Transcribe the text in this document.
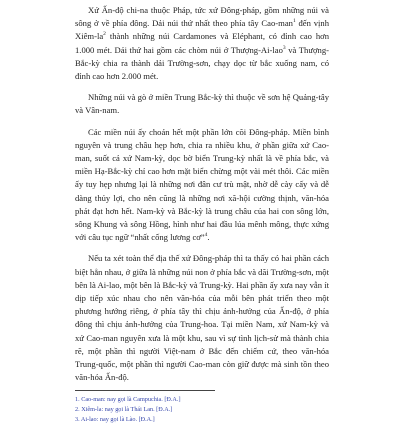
Xứ Ấn-độ chi-na thuộc Pháp, tức xứ Đông-pháp, gồm những núi và sông ở về phía đông. Dải núi thứ nhất theo phía tây Cao-man$^1$ đến vịnh Xiêm-$la^2$ thành những núi Cardamones và Eléphant, có đỉnh cao hơn 1.000 mét. Dải thứ hai gồm các chòm núi ở Thượng-Ai-lao$^3$ và Thượng-Bắc-kỳ chia ra thành dải Trường-sơn, chạy dọc từ bắc xuống nam, có đỉnh cao hơn 2.000 mét.

Những núi và gò ở miền Trung Bắc-kỳ thì thuộc về sơn hệ Quảng-tây và Vân-nam.

Các miền núi ấy choán hết một phần lớn cõi Đông-pháp. Miền bình nguyên và trung châu hẹp hơn, chia ra nhiều khu, ở phần giữa xứ Cao-man, suốt cả xứ Nam-kỳ, dọc bờ biển Trung-kỳ nhất là về phía bắc, và miền Hạ-Bắc-kỳ chỉ cao hơn mặt biển chừng một vài mét thôi. Các miền ấy tuy hẹp nhưng lại là những nơi đân cư trù mật, nhờ dễ cày cấy và dễ dàng thủy lợi, cho nên cũng là những nơi xã-hội cường thịnh, văn-hóa phát đạt hơn hết. Nam-kỳ và Bắc-kỳ là trung châu của hai con sông lớn, sông Khung và sông Hồng, hình như hai đầu lúa mênh mông, thực xứng với câu tục ngữ “nhất cống lương cơ”$^4$.

Nếu ta xét toàn thể địa thế xứ Đông-pháp thì ta thấy có hai phần cách biệt hẳn nhau, ở giữa là những núi non ở phía bắc và dãi Trường-sơn, một bên là Ai-lao, một bên là Bắc-kỳ và Trung-kỳ. Hai phần ấy xưa nay vẫn ít dịp tiếp xúc nhau cho nên văn-hóa của mỗi bên phát triển theo một phương hướng riêng, ở phía tây thì chịu ảnh-hưởng của Ấn-độ, ở phía đông thì chịu ảnh-hưởng của Trung-hoa. Tại miền Nam, xứ Nam-kỳ và xứ Cao-man nguyên xưa là một khu, sau vì sự tình lịch-sử mà thành chia rẽ, một phần thì người Việt-nam ở Bắc đến chiếm cứ, theo văn-hóa Trung-quốc, một phần thì người Cao-man còn giữ được mà sinh tồn theo văn-hóa Ấn-độ.

1. Cao-man: nay gọi là Campuchia. [Đ.A.]

2. Xiêm-la: nay gọi là Thái Lan. [Đ.A.]

3. Ai-lao: nay gọi là Lào. [Đ.A.]
